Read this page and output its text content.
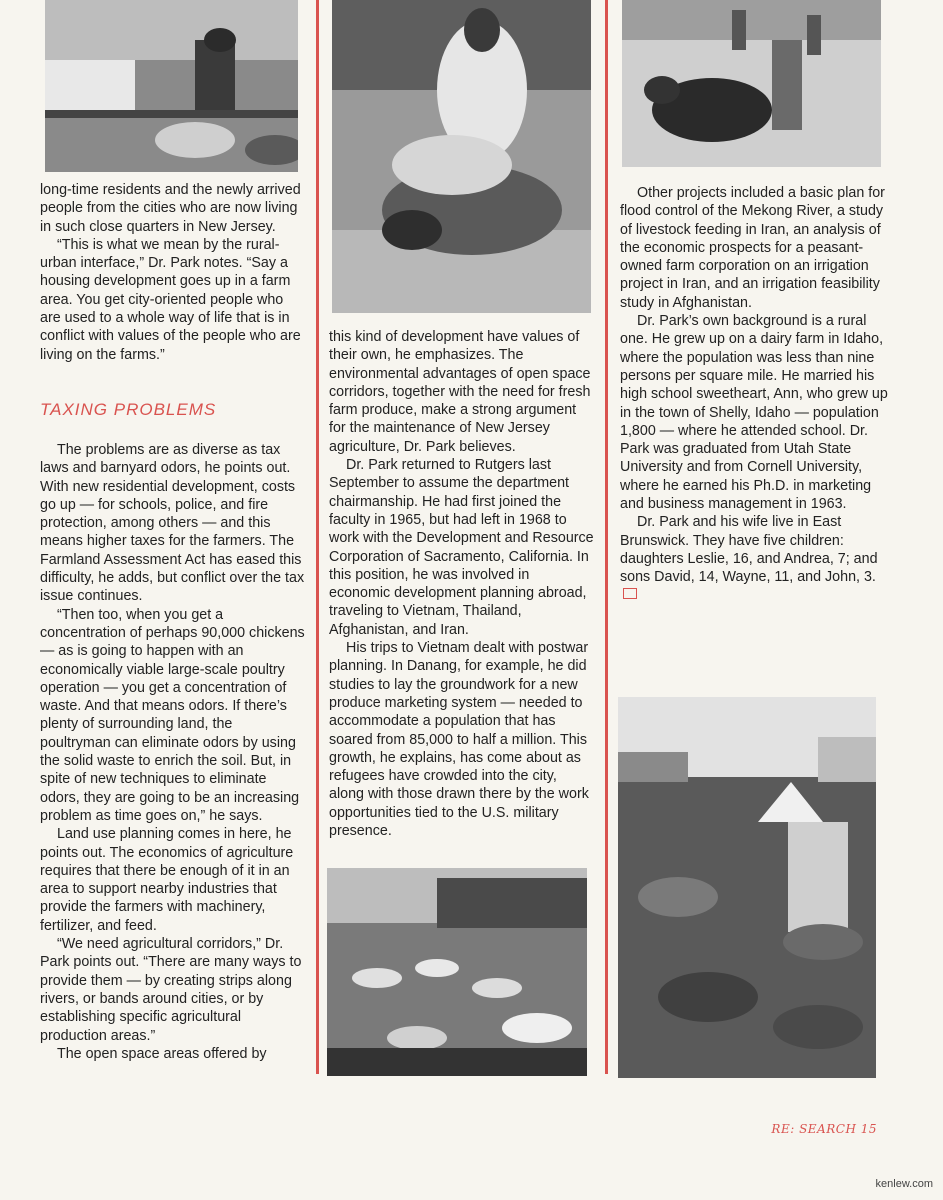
long-time residents and the newly arrived people from the cities who are now living in such close quarters in New Jersey.

“This is what we mean by the rural-urban interface,” Dr. Park notes. “Say a housing development goes up in a farm area. You get city-oriented people who are used to a whole way of life that is in conflict with values of the people who are living on the farms.”

TAXING PROBLEMS

The problems are as diverse as tax laws and barnyard odors, he points out. With new residential development, costs go up — for schools, police, and fire protection, among others — and this means higher taxes for the farmers. The Farmland Assessment Act has eased this difficulty, he adds, but conflict over the tax issue continues.

“Then too, when you get a concentration of perhaps 90,000 chickens — as is going to happen with an economically viable large-scale poultry operation — you get a concentration of waste. And that means odors. If there’s plenty of surrounding land, the poultryman can eliminate odors by using the solid waste to enrich the soil. But, in spite of new techniques to eliminate odors, they are going to be an increasing problem as time goes on,” he says.

Land use planning comes in here, he points out. The economics of agriculture requires that there be enough of it in an area to support nearby industries that provide the farmers with machinery, fertilizer, and feed.

“We need agricultural corridors,” Dr. Park points out. “There are many ways to provide them — by creating strips along rivers, or bands around cities, or by establishing specific agricultural production areas.”

The open space areas offered by

this kind of development have values of their own, he emphasizes. The environmental advantages of open space corridors, together with the need for fresh farm produce, make a strong argument for the maintenance of New Jersey agriculture, Dr. Park believes.

Dr. Park returned to Rutgers last September to assume the department chairmanship. He had first joined the faculty in 1965, but had left in 1968 to work with the Development and Resource Corporation of Sacramento, California. In this position, he was involved in economic development planning abroad, traveling to Vietnam, Thailand, Afghanistan, and Iran.

His trips to Vietnam dealt with postwar planning. In Danang, for example, he did studies to lay the groundwork for a new produce marketing system — needed to accommodate a population that has soared from 85,000 to half a million. This growth, he explains, has come about as refugees have crowded into the city, along with those drawn there by the work opportunities tied to the U.S. military presence.

Other projects included a basic plan for flood control of the Mekong River, a study of livestock feeding in Iran, an analysis of the economic prospects for a peasant-owned farm corporation on an irrigation project in Iran, and an irrigation feasibility study in Afghanistan.

Dr. Park’s own background is a rural one. He grew up on a dairy farm in Idaho, where the population was less than nine persons per square mile. He married his high school sweetheart, Ann, who grew up in the town of Shelly, Idaho — population 1,800 — where he attended school. Dr. Park was graduated from Utah State University and from Cornell University, where he earned his Ph.D. in marketing and business management in 1963.

Dr. Park and his wife live in East Brunswick. They have five children: daughters Leslie, 16, and Andrea, 7; and sons David, 14, Wayne, 11, and John, 3.

RE: SEARCH 15
kenlew.com
